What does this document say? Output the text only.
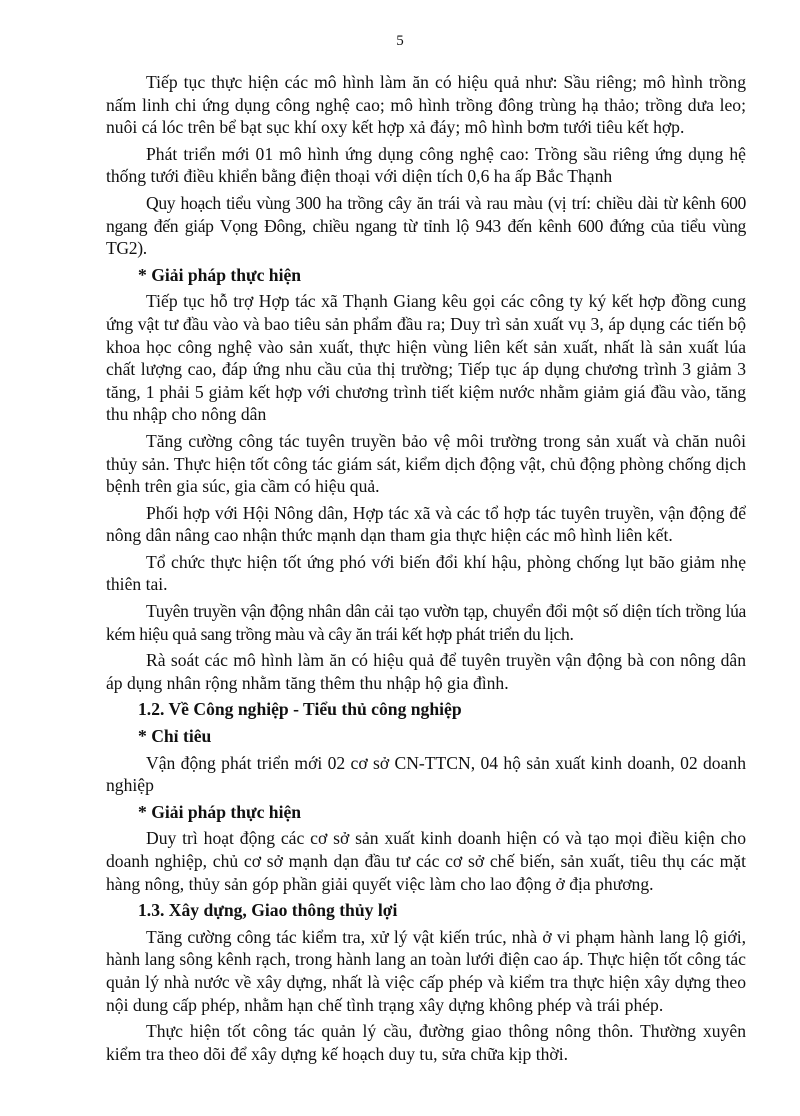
5

Tiếp tục thực hiện các mô hình làm ăn có hiệu quả như: Sầu riêng; mô hình trồng nấm linh chi ứng dụng công nghệ cao; mô hình trồng đông trùng hạ thảo; trồng dưa leo; nuôi cá lóc trên bể bạt sục khí oxy kết hợp xả đáy; mô hình bơm tưới tiêu kết hợp.

Phát triển mới 01 mô hình ứng dụng công nghệ cao: Trồng sầu riêng ứng dụng hệ thống tưới điều khiển bằng điện thoại với diện tích 0,6 ha ấp Bắc Thạnh

Quy hoạch tiểu vùng 300 ha trồng cây ăn trái và rau màu (vị trí: chiều dài từ kênh 600 ngang đến giáp Vọng Đông, chiều ngang từ tỉnh lộ 943 đến kênh 600 đứng của tiểu vùng TG2).

* Giải pháp thực hiện

Tiếp tục hỗ trợ Hợp tác xã Thạnh Giang kêu gọi các công ty ký kết hợp đồng cung ứng vật tư đầu vào và bao tiêu sản phẩm đầu ra; Duy trì sản xuất vụ 3, áp dụng các tiến bộ khoa học công nghệ vào sản xuất, thực hiện vùng liên kết sản xuất, nhất là sản xuất lúa chất lượng cao, đáp ứng nhu cầu của thị trường; Tiếp tục áp dụng chương trình 3 giảm 3 tăng, 1 phải 5 giảm kết hợp với chương trình tiết kiệm nước nhằm giảm giá đầu vào, tăng thu nhập cho nông dân

Tăng cường công tác tuyên truyền bảo vệ môi trường trong sản xuất và chăn nuôi thủy sản. Thực hiện tốt công tác giám sát, kiểm dịch động vật, chủ động phòng chống dịch bệnh trên gia súc, gia cầm có hiệu quả.

Phối hợp với Hội Nông dân, Hợp tác xã và các tổ hợp tác tuyên truyền, vận động để nông dân nâng cao nhận thức mạnh dạn tham gia thực hiện các mô hình liên kết.

Tổ chức thực hiện tốt ứng phó với biến đổi khí hậu, phòng chống lụt bão giảm nhẹ thiên tai.

Tuyên truyền vận động nhân dân cải tạo vườn tạp, chuyển đổi một số diện tích trồng lúa kém hiệu quả sang trồng màu và cây ăn trái kết hợp phát triển du lịch.

Rà soát các mô hình làm ăn có hiệu quả để tuyên truyền vận động bà con nông dân áp dụng nhân rộng nhằm tăng thêm thu nhập hộ gia đình.

1.2. Về Công nghiệp - Tiểu thủ công nghiệp
* Chỉ tiêu

Vận động phát triển mới 02 cơ sở CN-TTCN, 04 hộ sản xuất kinh doanh, 02 doanh nghiệp

* Giải pháp thực hiện

Duy trì hoạt động các cơ sở sản xuất kinh doanh hiện có và tạo mọi điều kiện cho doanh nghiệp, chủ cơ sở mạnh dạn đầu tư các cơ sở chế biến, sản xuất, tiêu thụ các mặt hàng nông, thủy sản góp phần giải quyết việc làm cho lao động ở địa phương.

1.3. Xây dựng, Giao thông thủy lợi

Tăng cường công tác kiểm tra, xử lý vật kiến trúc, nhà ở vi phạm hành lang lộ giới, hành lang sông kênh rạch, trong hành lang an toàn lưới điện cao áp. Thực hiện tốt công tác quản lý nhà nước về xây dựng, nhất là việc cấp phép và kiểm tra thực hiện xây dựng theo nội dung cấp phép, nhằm hạn chế tình trạng xây dựng không phép và trái phép.

Thực hiện tốt công tác quản lý cầu, đường giao thông nông thôn. Thường xuyên kiểm tra theo dõi để xây dựng kế hoạch duy tu, sửa chữa kịp thời.
